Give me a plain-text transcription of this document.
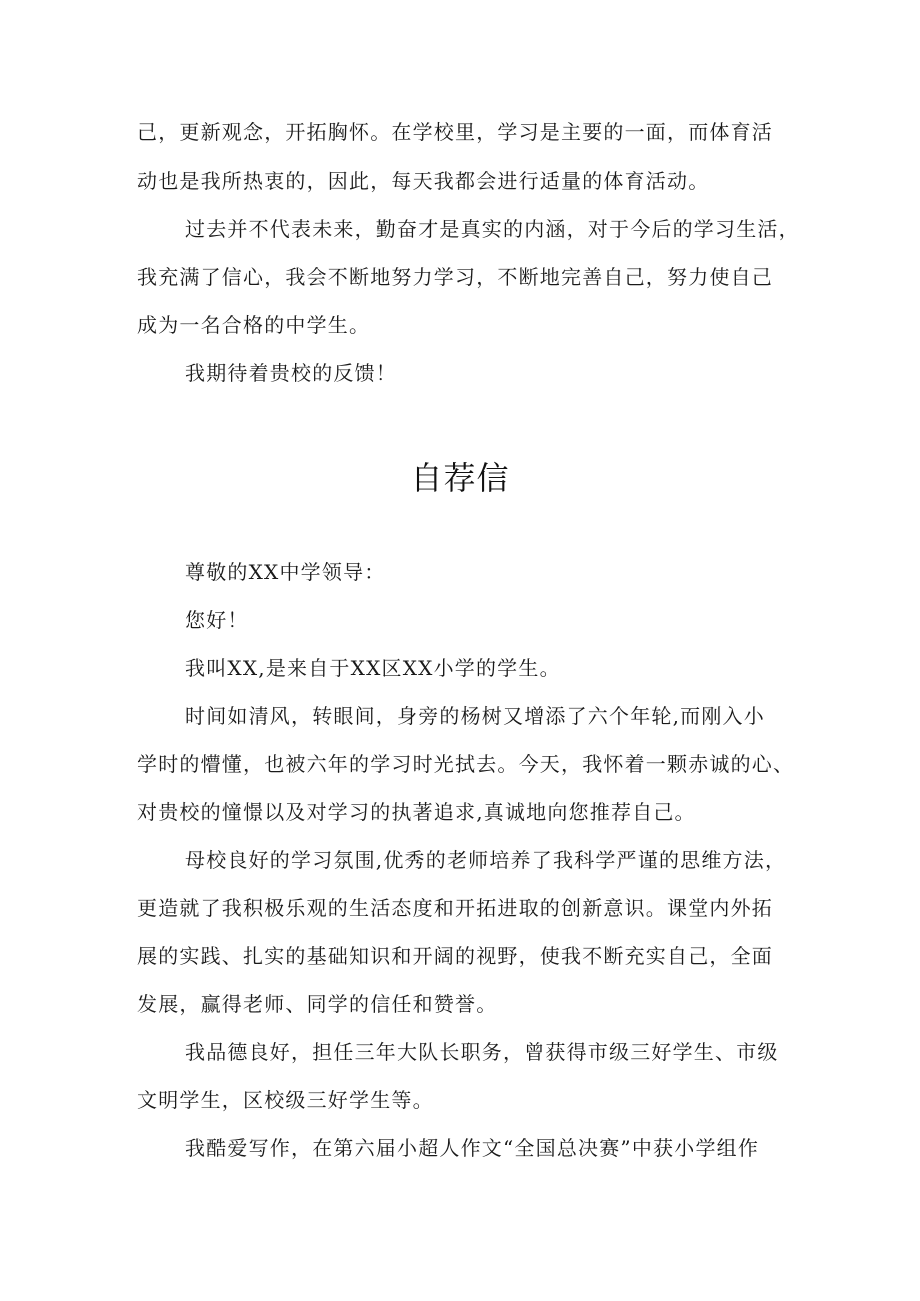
己，更新观念，开拓胸怀。在学校里，学习是主要的一面，而体育活
动也是我所热衷的，因此，每天我都会进行适量的体育活动。
过去并不代表未来，勤奋才是真实的内涵，对于今后的学习生活，
我充满了信心，我会不断地努力学习，不断地完善自己，努力使自己
成为一名合格的中学生。
我期待着贵校的反馈！
自荐信
尊敬的XX中学领导：
您好！
我叫XX,是来自于XX区XX小学的学生。
时间如清风，转眼间，身旁的杨树又增添了六个年轮,而刚入小
学时的懵懂，也被六年的学习时光拭去。今天，我怀着一颗赤诚的心、
对贵校的憧憬以及对学习的执著追求,真诚地向您推荐自己。
母校良好的学习氛围,优秀的老师培养了我科学严谨的思维方法，
更造就了我积极乐观的生活态度和开拓进取的创新意识。课堂内外拓
展的实践、扎实的基础知识和开阔的视野，使我不断充实自己，全面
发展，赢得老师、同学的信任和赞誉。
我品德良好，担任三年大队长职务，曾获得市级三好学生、市级
文明学生，区校级三好学生等。
我酷爱写作，在第六届小超人作文“全国总决赛”中获小学组作
